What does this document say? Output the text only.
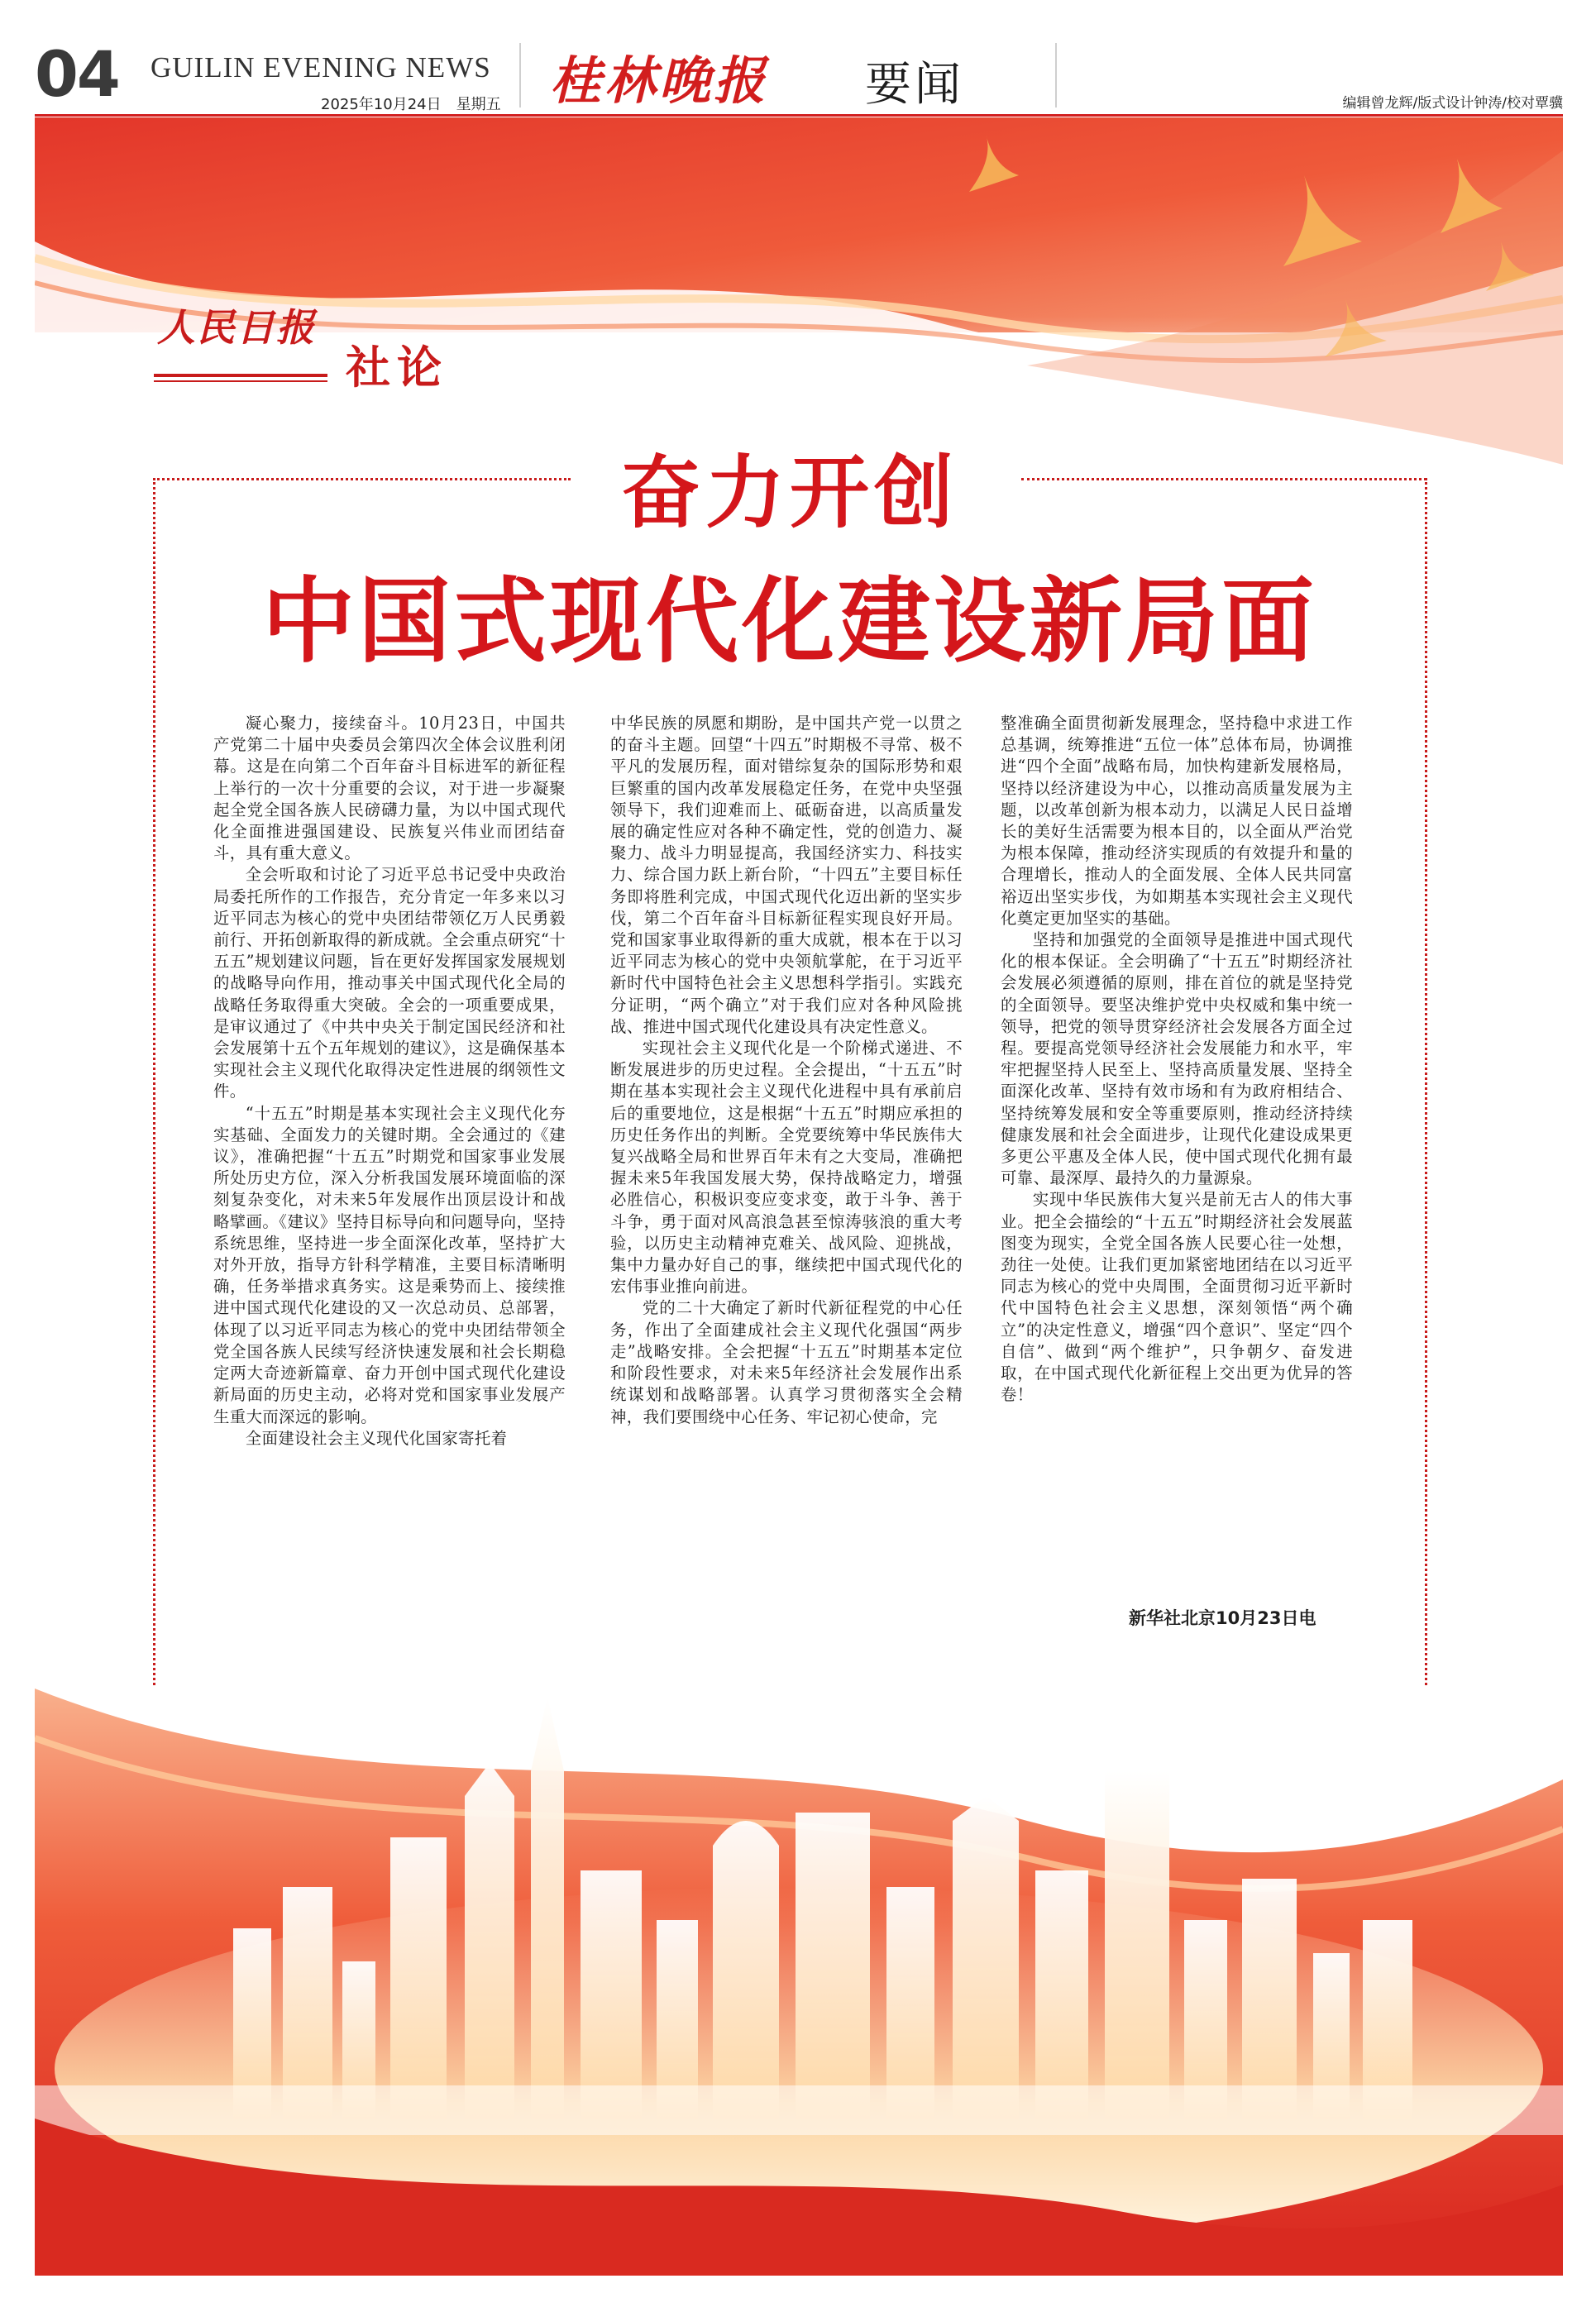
04 GUILIN EVENING NEWS
2025年10月24日　星期五 桂林晚报 要闻	编辑曾龙辉/版式设计钟涛/校对覃骥
人民日报
社论
奋力开创
中国式现代化建设新局面

凝心聚力，接续奋斗。10月23日，中国共产党第二十届中央委员会第四次全体会议胜利闭幕。这是在向第二个百年奋斗目标进军的新征程上举行的一次十分重要的会议，对于进一步凝聚起全党全国各族人民磅礴力量，为以中国式现代化全面推进强国建设、民族复兴伟业而团结奋斗，具有重大意义。

全会听取和讨论了习近平总书记受中央政治局委托所作的工作报告，充分肯定一年多来以习近平同志为核心的党中央团结带领亿万人民勇毅前行、开拓创新取得的新成就。全会重点研究“十五五”规划建议问题，旨在更好发挥国家发展规划的战略导向作用，推动事关中国式现代化全局的战略任务取得重大突破。全会的一项重要成果，是审议通过了《中共中央关于制定国民经济和社会发展第十五个五年规划的建议》，这是确保基本实现社会主义现代化取得决定性进展的纲领性文件。

“十五五”时期是基本实现社会主义现代化夯实基础、全面发力的关键时期。全会通过的《建议》，准确把握“十五五”时期党和国家事业发展所处历史方位，深入分析我国发展环境面临的深刻复杂变化，对未来5年发展作出顶层设计和战略擘画。《建议》坚持目标导向和问题导向，坚持系统思维，坚持进一步全面深化改革，坚持扩大对外开放，指导方针科学精准，主要目标清晰明确，任务举措求真务实。这是乘势而上、接续推进中国式现代化建设的又一次总动员、总部署，体现了以习近平同志为核心的党中央团结带领全党全国各族人民续写经济快速发展和社会长期稳定两大奇迹新篇章、奋力开创中国式现代化建设新局面的历史主动，必将对党和国家事业发展产生重大而深远的影响。

全面建设社会主义现代化国家寄托着

中华民族的夙愿和期盼，是中国共产党一以贯之的奋斗主题。回望“十四五”时期极不寻常、极不平凡的发展历程，面对错综复杂的国际形势和艰巨繁重的国内改革发展稳定任务，在党中央坚强领导下，我们迎难而上、砥砺奋进，以高质量发展的确定性应对各种不确定性，党的创造力、凝聚力、战斗力明显提高，我国经济实力、科技实力、综合国力跃上新台阶，“十四五”主要目标任务即将胜利完成，中国式现代化迈出新的坚实步伐，第二个百年奋斗目标新征程实现良好开局。党和国家事业取得新的重大成就，根本在于以习近平同志为核心的党中央领航掌舵，在于习近平新时代中国特色社会主义思想科学指引。实践充分证明，“两个确立”对于我们应对各种风险挑战、推进中国式现代化建设具有决定性意义。

实现社会主义现代化是一个阶梯式递进、不断发展进步的历史过程。全会提出，“十五五”时期在基本实现社会主义现代化进程中具有承前启后的重要地位，这是根据“十五五”时期应承担的历史任务作出的判断。全党要统筹中华民族伟大复兴战略全局和世界百年未有之大变局，准确把握未来5年我国发展大势，保持战略定力，增强必胜信心，积极识变应变求变，敢于斗争、善于斗争，勇于面对风高浪急甚至惊涛骇浪的重大考验，以历史主动精神克难关、战风险、迎挑战，集中力量办好自己的事，继续把中国式现代化的宏伟事业推向前进。

党的二十大确定了新时代新征程党的中心任务，作出了全面建成社会主义现代化强国“两步走”战略安排。全会把握“十五五”时期基本定位和阶段性要求，对未来5年经济社会发展作出系统谋划和战略部署。认真学习贯彻落实全会精神，我们要围绕中心任务、牢记初心使命，完

整准确全面贯彻新发展理念，坚持稳中求进工作总基调，统筹推进“五位一体”总体布局，协调推进“四个全面”战略布局，加快构建新发展格局，坚持以经济建设为中心，以推动高质量发展为主题，以改革创新为根本动力，以满足人民日益增长的美好生活需要为根本目的，以全面从严治党为根本保障，推动经济实现质的有效提升和量的合理增长，推动人的全面发展、全体人民共同富裕迈出坚实步伐，为如期基本实现社会主义现代化奠定更加坚实的基础。

坚持和加强党的全面领导是推进中国式现代化的根本保证。全会明确了“十五五”时期经济社会发展必须遵循的原则，排在首位的就是坚持党的全面领导。要坚决维护党中央权威和集中统一领导，把党的领导贯穿经济社会发展各方面全过程。要提高党领导经济社会发展能力和水平，牢牢把握坚持人民至上、坚持高质量发展、坚持全面深化改革、坚持有效市场和有为政府相结合、坚持统筹发展和安全等重要原则，推动经济持续健康发展和社会全面进步，让现代化建设成果更多更公平惠及全体人民，使中国式现代化拥有最可靠、最深厚、最持久的力量源泉。

实现中华民族伟大复兴是前无古人的伟大事业。把全会描绘的“十五五”时期经济社会发展蓝图变为现实，全党全国各族人民要心往一处想，劲往一处使。让我们更加紧密地团结在以习近平同志为核心的党中央周围，全面贯彻习近平新时代中国特色社会主义思想，深刻领悟“两个确立”的决定性意义，增强“四个意识”、坚定“四个自信”、做到“两个维护”，只争朝夕、奋发进取，在中国式现代化新征程上交出更为优异的答卷！

新华社北京10月23日电
